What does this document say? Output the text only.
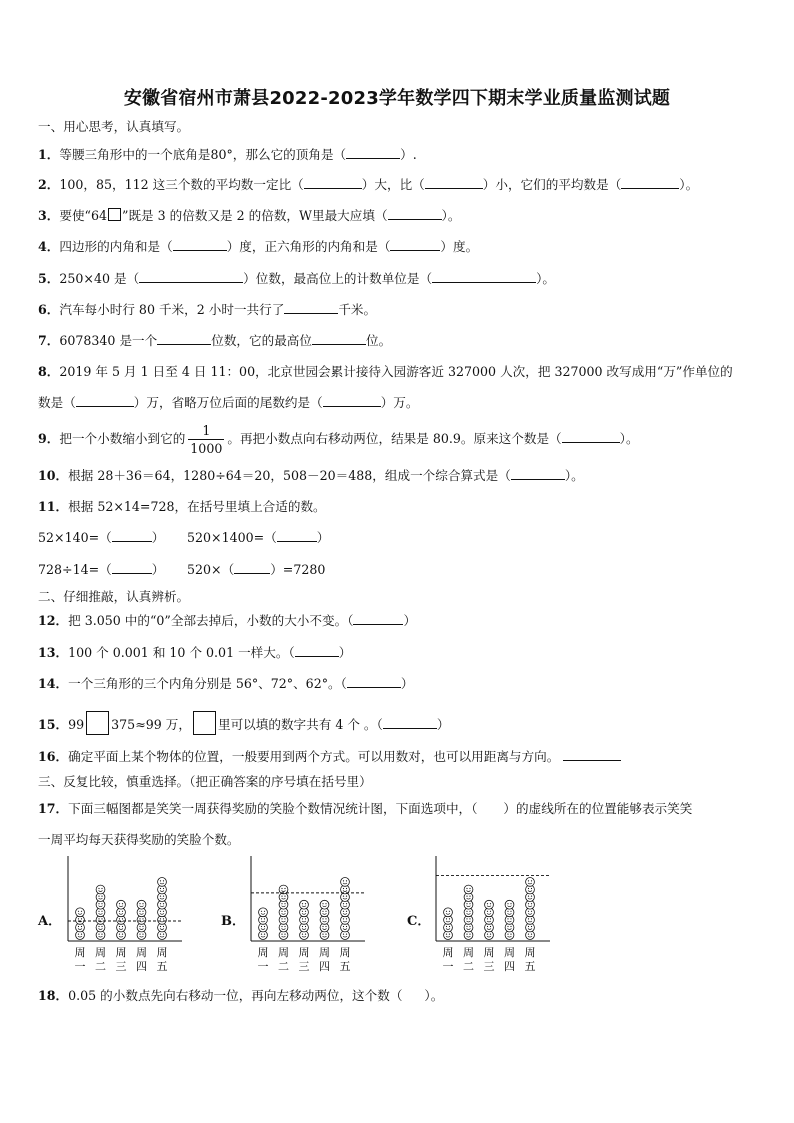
安徽省宿州市萧县2022-2023学年数学四下期末学业质量监测试题
一、用心思考，认真填写。
1．等腰三角形中的一个底角是80°，那么它的顶角是（	）.
2．100，85，112 这三个数的平均数一定比（	）大，比（	）小，它们的平均数是（	）。
3．要使“64 ”既是 3 的倍数又是 2 的倍数，W里最大应填（	）。
4．四边形的内角和是（	）度，正六角形的内角和是（	）度。
5．250×40 是（	）位数，最高位上的计数单位是（	）。
6．汽车每小时行 80 千米，2 小时一共行了	千米。
7．6078340 是一个	位数，它的最高位	位。
8．2019 年 5 月 1 日至 4 日 11：00，北京世园会累计接待入园游客近 327000 人次，把 327000 改写成用“万”作单位的
数是（	）万，省略万位后面的尾数约是（	）万。
9．把一个小数缩小到它的 $\frac{1}{1000}$ 。再把小数点向右移动两位，结果是 80.9。原来这个数是（	）。
10．根据 28＋36＝64，1280÷64＝20，508－20＝488，组成一个综合算式是（	）。
11．根据 52×14=728，在括号里填上合适的数。
52×140=（	） 520×1400=（	）
728÷14=（	） 520×（	）=7280
二、仔细推敲，认真辨析。
12．把 3.050 中的“0”全部去掉后，小数的大小不变。（	）
13．100 个 0.001 和 10 个 0.01 一样大。（	）
14．一个三角形的三个内角分别是 56°、72°、62°。（	）
15．99 375≈99 万， 里可以填的数字共有 4 个 。（	）
16．确定平面上某个物体的位置，一般要用到两个方式。可以用数对，也可以用距离与方向。
三、反复比较，慎重选择。（把正确答案的序号填在括号里）
17．下面三幅图都是笑笑一周获得奖励的笑脸个数情况统计图，下面选项中，（ ）的虚线所在的位置能够表示笑笑
一周平均每天获得奖励的笑脸个数。
A．	B．	C．
周
一
周
二
周
三
周
四
周
五
周
一
周
二
周
三
周
四
周
五
周
一
周
二
周
三
周
四
周
五
18．0.05 的小数点先向右移动一位，再向左移动两位，这个数（ ）。
